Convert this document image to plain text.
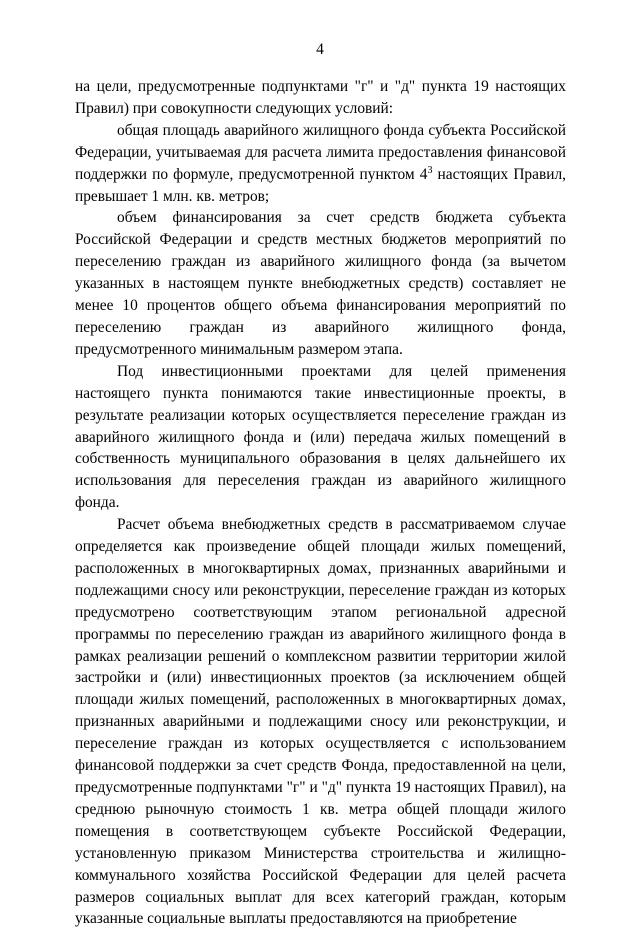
4

на цели, предусмотренные подпунктами "г" и "д" пункта 19 настоящих Правил) при совокупности следующих условий:

общая площадь аварийного жилищного фонда субъекта Российской Федерации, учитываемая для расчета лимита предоставления финансовой поддержки по формуле, предусмотренной пунктом $4^3$ настоящих Правил, превышает 1 млн. кв. метров;

объем финансирования за счет средств бюджета субъекта Российской Федерации и средств местных бюджетов мероприятий по переселению граждан из аварийного жилищного фонда (за вычетом указанных в настоящем пункте внебюджетных средств) составляет не менее 10 процентов общего объема финансирования мероприятий по переселению граждан из аварийного жилищного фонда, предусмотренного минимальным размером этапа.

Под инвестиционными проектами для целей применения настоящего пункта понимаются такие инвестиционные проекты, в результате реализации которых осуществляется переселение граждан из аварийного жилищного фонда и (или) передача жилых помещений в собственность муниципального образования в целях дальнейшего их использования для переселения граждан из аварийного жилищного фонда.

Расчет объема внебюджетных средств в рассматриваемом случае определяется как произведение общей площади жилых помещений, расположенных в многоквартирных домах, признанных аварийными и подлежащими сносу или реконструкции, переселение граждан из которых предусмотрено соответствующим этапом региональной адресной программы по переселению граждан из аварийного жилищного фонда в рамках реализации решений о комплексном развитии территории жилой застройки и (или) инвестиционных проектов (за исключением общей площади жилых помещений, расположенных в многоквартирных домах, признанных аварийными и подлежащими сносу или реконструкции, и переселение граждан из которых осуществляется с использованием финансовой поддержки за счет средств Фонда, предоставленной на цели, предусмотренные подпунктами "г" и "д" пункта 19 настоящих Правил), на среднюю рыночную стоимость 1 кв. метра общей площади жилого помещения в соответствующем субъекте Российской Федерации, установленную приказом Министерства строительства и жилищно-коммунального хозяйства Российской Федерации для целей расчета размеров социальных выплат для всех категорий граждан, которым указанные социальные выплаты предоставляются на приобретение
